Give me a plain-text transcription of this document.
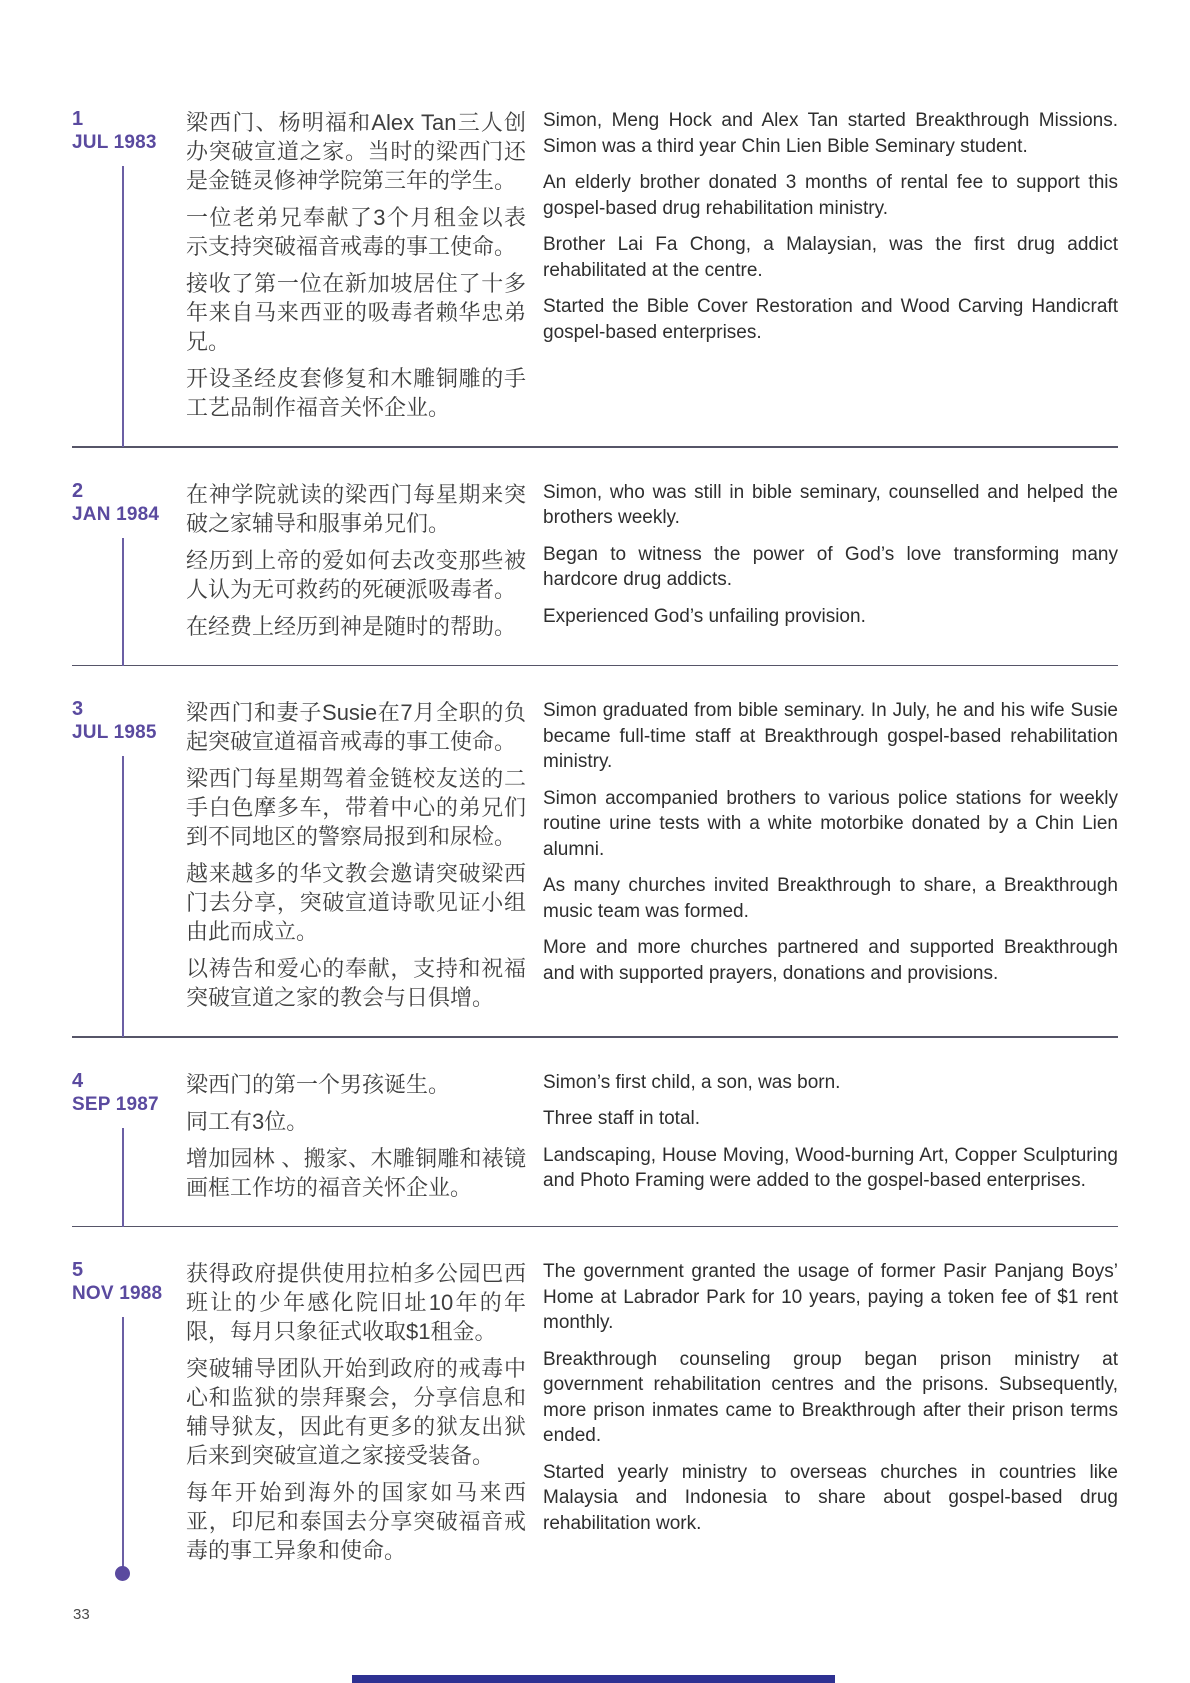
1
JUL 1983

梁西门、杨明福和Alex Tan三人创办突破宣道之家。当时的梁西门还是金链灵修神学院第三年的学生。

一位老弟兄奉献了3个月租金以表示支持突破福音戒毒的事工使命。

接收了第一位在新加坡居住了十多年来自马来西亚的吸毒者赖华忠弟兄。

开设圣经皮套修复和木雕铜雕的手工艺品制作福音关怀企业。

Simon, Meng Hock and Alex Tan started Breakthrough Missions. Simon was a third year Chin Lien Bible Seminary student.

An elderly brother donated 3 months of rental fee to support this gospel-based drug rehabilitation ministry.

Brother Lai Fa Chong, a Malaysian, was the first drug addict rehabilitated at the centre.

Started the Bible Cover Restoration and Wood Carving Handicraft gospel-based enterprises.

2
JAN 1984

在神学院就读的梁西门每星期来突破之家辅导和服事弟兄们。

经历到上帝的爱如何去改变那些被人认为无可救药的死硬派吸毒者。

在经费上经历到神是随时的帮助。

Simon, who was still in bible seminary, counselled and helped the brothers weekly.

Began to witness the power of God’s love transforming many hardcore drug addicts.

Experienced God’s unfailing provision.

3
JUL 1985

梁西门和妻子Susie在7月全职的负起突破宣道福音戒毒的事工使命。

梁西门每星期驾着金链校友送的二手白色摩多车，带着中心的弟兄们到不同地区的警察局报到和尿检。

越来越多的华文教会邀请突破梁西门去分享，突破宣道诗歌见证小组由此而成立。

以祷告和爱心的奉献，支持和祝福突破宣道之家的教会与日俱增。

Simon graduated from bible seminary. In July, he and his wife Susie became full-time staff at Breakthrough gospel-based rehabilitation ministry.

Simon accompanied brothers to various police stations for weekly routine urine tests with a white motorbike donated by a Chin Lien alumni.

As many churches invited Breakthrough to share, a Breakthrough music team was formed.

More and more churches partnered and supported Breakthrough and with supported prayers, donations and provisions.

4
SEP 1987

梁西门的第一个男孩诞生。

同工有3位。

增加园林 、搬家、木雕铜雕和裱镜画框工作坊的福音关怀企业。

Simon’s first child, a son, was born.

Three staff in total.

Landscaping, House Moving, Wood-burning Art, Copper Sculpturing and Photo Framing were added to the gospel-based enterprises.

5
NOV 1988

获得政府提供使用拉柏多公园巴西班让的少年感化院旧址10年的年限，每月只象征式收取$1租金。

突破辅导团队开始到政府的戒毒中心和监狱的崇拜聚会，分享信息和辅导狱友，因此有更多的狱友出狱后来到突破宣道之家接受装备。

每年开始到海外的国家如马来西亚，印尼和泰国去分享突破福音戒毒的事工异象和使命。

The government granted the usage of former Pasir Panjang Boys’ Home at Labrador Park for 10 years, paying a token fee of $1 rent monthly.

Breakthrough counseling group began prison ministry at government rehabilitation centres and the prisons. Subsequently, more prison inmates came to Breakthrough after their prison terms ended.

Started yearly ministry to overseas churches in countries like Malaysia and Indonesia to share about gospel-based drug rehabilitation work.

33
